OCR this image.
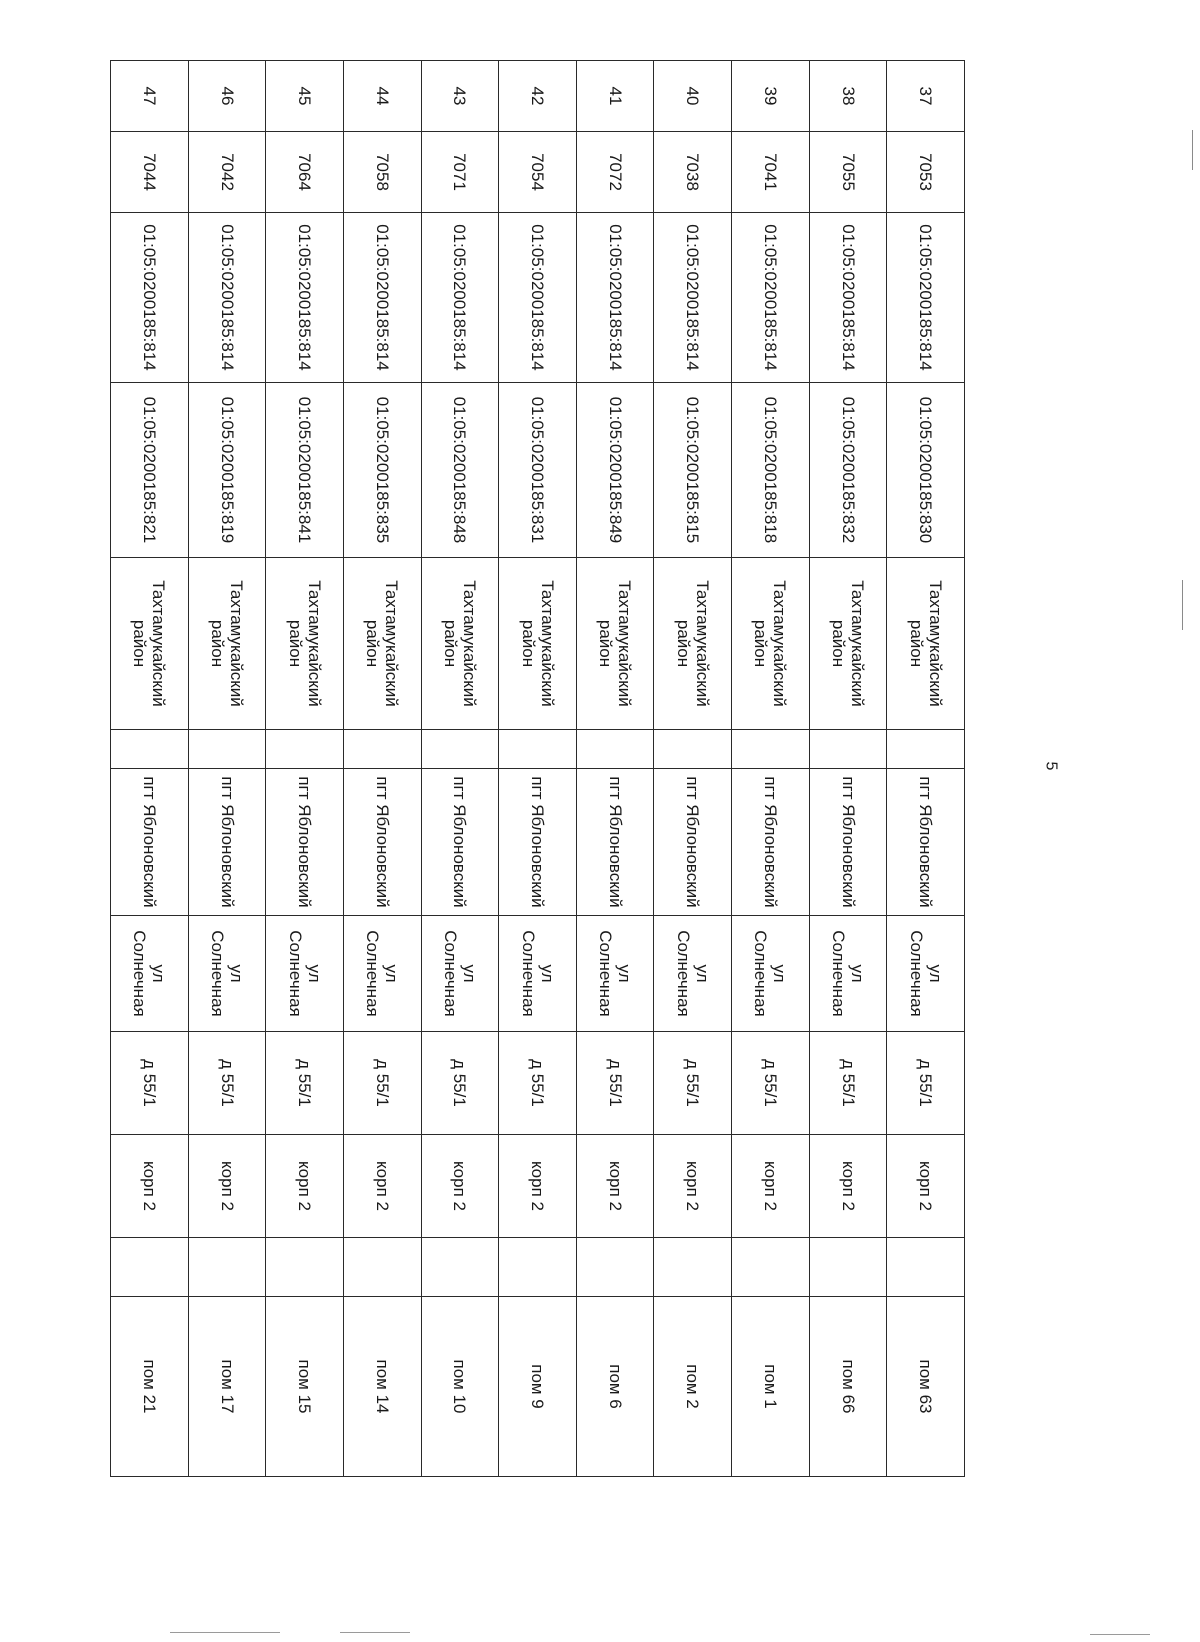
37	7053	01:05:0200185:814	01:05:0200185:830	Тахтамукайский район		пгт Яблоновский	ул Солнечная	д 55/1	корп 2		пом 63
38	7055	01:05:0200185:814	01:05:0200185:832	Тахтамукайский район		пгт Яблоновский	ул Солнечная	д 55/1	корп 2		пом 66
39	7041	01:05:0200185:814	01:05:0200185:818	Тахтамукайский район		пгт Яблоновский	ул Солнечная	д 55/1	корп 2		пом 1
40	7038	01:05:0200185:814	01:05:0200185:815	Тахтамукайский район		пгт Яблоновский	ул Солнечная	д 55/1	корп 2		пом 2
41	7072	01:05:0200185:814	01:05:0200185:849	Тахтамукайский район		пгт Яблоновский	ул Солнечная	д 55/1	корп 2		пом 6
42	7054	01:05:0200185:814	01:05:0200185:831	Тахтамукайский район		пгт Яблоновский	ул Солнечная	д 55/1	корп 2		пом 9
43	7071	01:05:0200185:814	01:05:0200185:848	Тахтамукайский район		пгт Яблоновский	ул Солнечная	д 55/1	корп 2		пом 10
44	7058	01:05:0200185:814	01:05:0200185:835	Тахтамукайский район		пгт Яблоновский	ул Солнечная	д 55/1	корп 2		пом 14
45	7064	01:05:0200185:814	01:05:0200185:841	Тахтамукайский район		пгт Яблоновский	ул Солнечная	д 55/1	корп 2		пом 15
46	7042	01:05:0200185:814	01:05:0200185:819	Тахтамукайский район		пгт Яблоновский	ул Солнечная	д 55/1	корп 2		пом 17
47	7044	01:05:0200185:814	01:05:0200185:821	Тахтамукайский район		пгт Яблоновский	ул Солнечная	д 55/1	корп 2		пом 21
5
